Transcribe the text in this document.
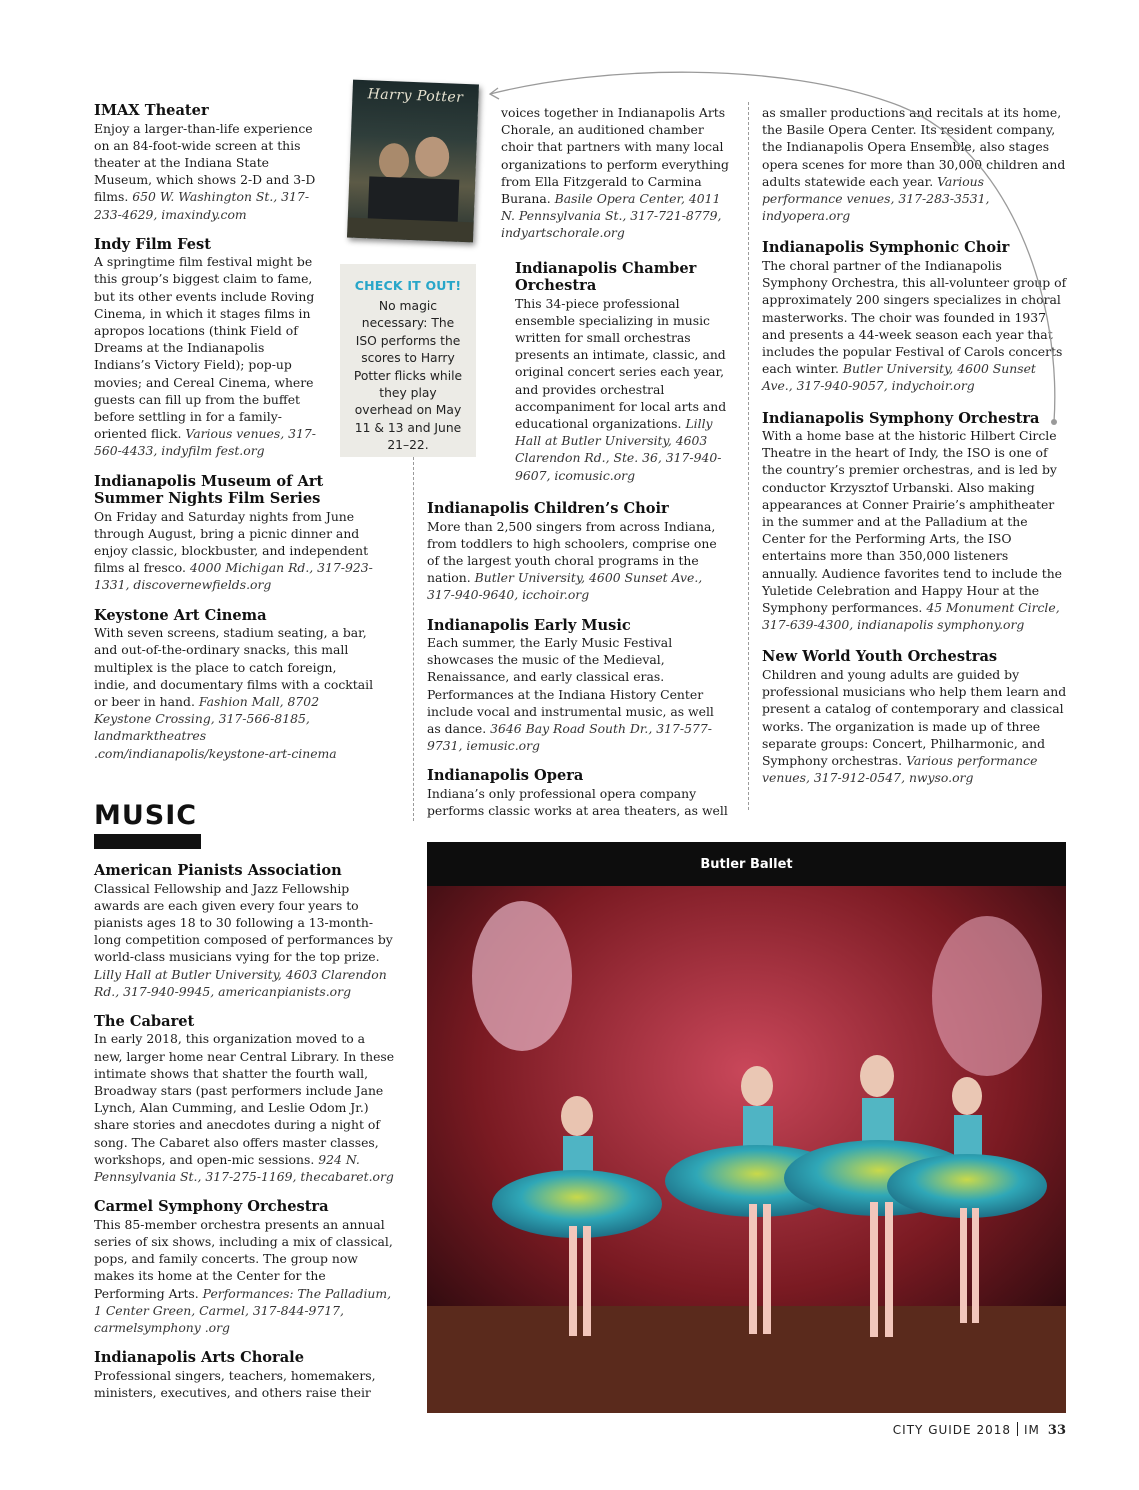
IMAX Theater

Enjoy a larger-than-life experience on an 84-foot-wide screen at this theater at the Indiana State Museum, which shows 2-D and 3-D films. 650 W. Washington St., 317-233-4629, imaxindy.com

Indy Film Fest

A springtime film festival might be this group’s biggest claim to fame, but its other events include Roving Cinema, in which it stages films in apropos locations (think Field of Dreams at the Indianapolis Indians’s Victory Field); pop-up movies; and Cereal Cinema, where guests can fill up from the buffet before settling in for a family-oriented flick. Various venues, 317-560-4433, indyfilm fest.org

Indianapolis Museum of Art Summer Nights Film Series

On Friday and Saturday nights from June through August, bring a picnic dinner and enjoy classic, blockbuster, and independent films al fresco. 4000 Michigan Rd., 317-923-1331, discovernewfields.org

Keystone Art Cinema

With seven screens, stadium seating, a bar, and out-of-the-ordinary snacks, this mall multiplex is the place to catch foreign, indie, and documentary films with a cocktail or beer in hand. Fashion Mall, 8702 Keystone Crossing, 317-566-8185, landmarktheatres .com/indianapolis/keystone-art-cinema

MUSIC
American Pianists Association

Classical Fellowship and Jazz Fellowship awards are each given every four years to pianists ages 18 to 30 following a 13-month-long competition composed of performances by world-class musicians vying for the top prize. Lilly Hall at Butler University, 4603 Clarendon Rd., 317-940-9945, americanpianists.org

The Cabaret

In early 2018, this organization moved to a new, larger home near Central Library. In these intimate shows that shatter the fourth wall, Broadway stars (past performers include Jane Lynch, Alan Cumming, and Leslie Odom Jr.) share stories and anecdotes during a night of song. The Cabaret also offers master classes, workshops, and open-mic sessions. 924 N. Pennsylvania St., 317-275-1169, thecabaret.org

Carmel Symphony Orchestra

This 85-member orchestra presents an annual series of six shows, including a mix of classical, pops, and family concerts. The group now makes its home at the Center for the Performing Arts. Performances: The Palladium, 1 Center Green, Carmel, 317-844-9717, carmelsymphony .org

Indianapolis Arts Chorale

Professional singers, teachers, homemakers, ministers, executives, and others raise their

Harry Potter
CHECK IT OUT!
No magic necessary: The ISO performs the scores to Harry Potter flicks while they play overhead on May 11 & 13 and June 21–22.

voices together in Indianapolis Arts Chorale, an auditioned chamber choir that partners with many local organizations to perform everything from Ella Fitzgerald to Carmina Burana. Basile Opera Center, 4011 N. Pennsylvania St., 317-721-8779, indyartschorale.org

Indianapolis Chamber Orchestra

This 34-piece professional ensemble specializing in music written for small orchestras presents an intimate, classic, and original concert series each year, and provides orchestral accompaniment for local arts and educational organizations. Lilly Hall at Butler University, 4603 Clarendon Rd., Ste. 36, 317-940-9607, icomusic.org

Indianapolis Children’s Choir

More than 2,500 singers from across Indiana, from toddlers to high schoolers, comprise one of the largest youth choral programs in the nation. Butler University, 4600 Sunset Ave., 317-940-9640, icchoir.org

Indianapolis Early Music

Each summer, the Early Music Festival showcases the music of the Medieval, Renaissance, and early classical eras. Performances at the Indiana History Center include vocal and instrumental music, as well as dance. 3646 Bay Road South Dr., 317-577-9731, iemusic.org

Indianapolis Opera

Indiana’s only professional opera company performs classic works at area theaters, as well

as smaller productions and recitals at its home, the Basile Opera Center. Its resident company, the Indianapolis Opera Ensemble, also stages opera scenes for more than 30,000 children and adults statewide each year. Various performance venues, 317-283-3531, indyopera.org

Indianapolis Symphonic Choir

The choral partner of the Indianapolis Symphony Orchestra, this all-volunteer group of approximately 200 singers specializes in choral masterworks. The choir was founded in 1937 and presents a 44-week season each year that includes the popular Festival of Carols concerts each winter. Butler University, 4600 Sunset Ave., 317-940-9057, indychoir.org

Indianapolis Symphony Orchestra

With a home base at the historic Hilbert Circle Theatre in the heart of Indy, the ISO is one of the country’s premier orchestras, and is led by conductor Krzysztof Urbanski. Also making appearances at Conner Prairie’s amphitheater in the summer and at the Palladium at the Center for the Performing Arts, the ISO entertains more than 350,000 listeners annually. Audience favorites tend to include the Yuletide Celebration and Happy Hour at the Symphony performances. 45 Monument Circle, 317-639-4300, indianapolis symphony.org

New World Youth Orchestras

Children and young adults are guided by professional musicians who help them learn and present a catalog of contemporary and classical works. The organization is made up of three separate groups: Concert, Philharmonic, and Symphony orchestras. Various performance venues, 317-912-0547, nwyso.org

Butler Ballet
CITY GUIDE 2018 IM 33
